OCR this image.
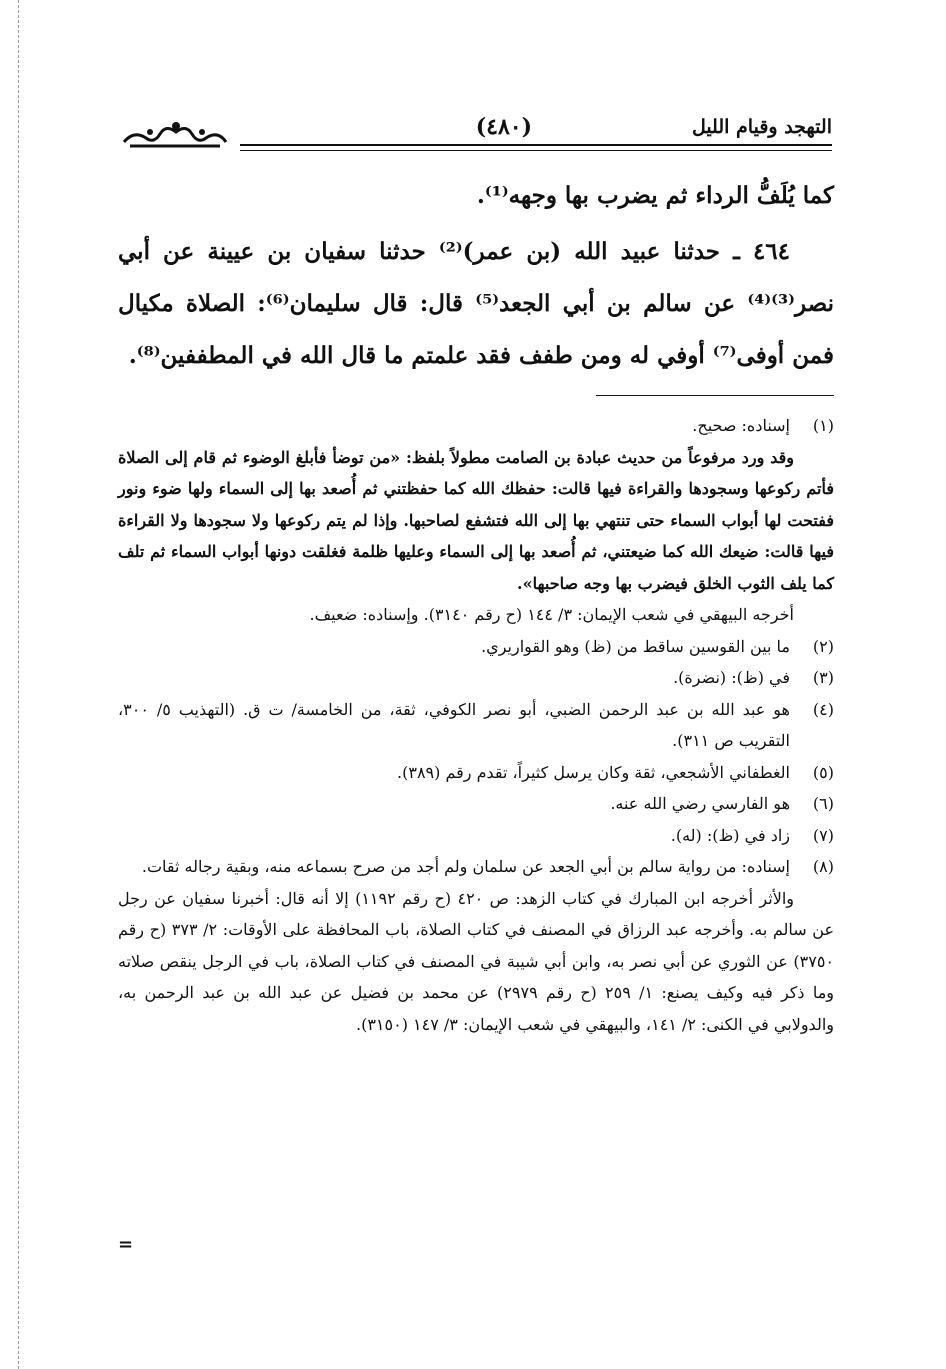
التهجد وقيام الليل
(٤٨٠)

كما يُلَفُّ الرداء ثم يضرب بها وجهه⁽¹⁾.

٤٦٤ ـ حدثنا عبيد الله (بن عمر)⁽²⁾ حدثنا سفيان بن عيينة عن أبي نصر⁽³⁾⁽⁴⁾ عن سالم بن أبي الجعد⁽⁵⁾ قال: قال سليمان⁽⁶⁾: الصلاة مكيال فمن أوفى⁽⁷⁾ أوفي له ومن طفف فقد علمتم ما قال الله في المطففين⁽⁸⁾.

(١)
إسناده: صحيح.
وقد ورد مرفوعاً من حديث عبادة بن الصامت مطولاً بلفظ: «من توضأ فأبلغ الوضوء ثم قام إلى الصلاة فأتم ركوعها وسجودها والقراءة فيها قالت: حفظك الله كما حفظتني ثم أُصعد بها إلى السماء ولها ضوء ونور ففتحت لها أبواب السماء حتى تنتهي بها إلى الله فتشفع لصاحبها. وإذا لم يتم ركوعها ولا سجودها ولا القراءة فيها قالت: ضيعك الله كما ضيعتني، ثم أُصعد بها إلى السماء وعليها ظلمة فغلقت دونها أبواب السماء ثم تلف كما يلف الثوب الخلق فيضرب بها وجه صاحبها».
أخرجه البيهقي في شعب الإيمان: ٣/ ١٤٤ (ح رقم ٣١٤٠). وإسناده: ضعيف.
(٢)
ما بين القوسين ساقط من (ظ) وهو القواريري.
(٣)
في (ظ): (نضرة).
(٤)
هو عبد الله بن عبد الرحمن الضبي، أبو نصر الكوفي، ثقة، من الخامسة/ ت ق. (التهذيب ٥/ ٣٠٠، التقريب ص ٣١١).
(٥)
الغطفاني الأشجعي، ثقة وكان يرسل كثيراً، تقدم رقم (٣٨٩).
(٦)
هو الفارسي رضي الله عنه.
(٧)
زاد في (ظ): (له).
(٨)
إسناده: من رواية سالم بن أبي الجعد عن سلمان ولم أجد من صرح بسماعه منه، وبقية رجاله ثقات.
والأثر أخرجه ابن المبارك في كتاب الزهد: ص ٤٢٠ (ح رقم ١١٩٢) إلا أنه قال: أخبرنا سفيان عن رجل عن سالم به. وأخرجه عبد الرزاق في المصنف في كتاب الصلاة، باب المحافظة على الأوقات: ٢/ ٣٧٣ (ح رقم ٣٧٥٠) عن الثوري عن أبي نصر به، وابن أبي شيبة في المصنف في كتاب الصلاة، باب في الرجل ينقص صلاته وما ذكر فيه وكيف يصنع: ١/ ٢٥٩ (ح رقم ٢٩٧٩) عن محمد بن فضيل عن عبد الله بن عبد الرحمن به، والدولابي في الكنى: ٢/ ١٤١، والبيهقي في شعب الإيمان: ٣/ ١٤٧ (٣١٥٠).
=
